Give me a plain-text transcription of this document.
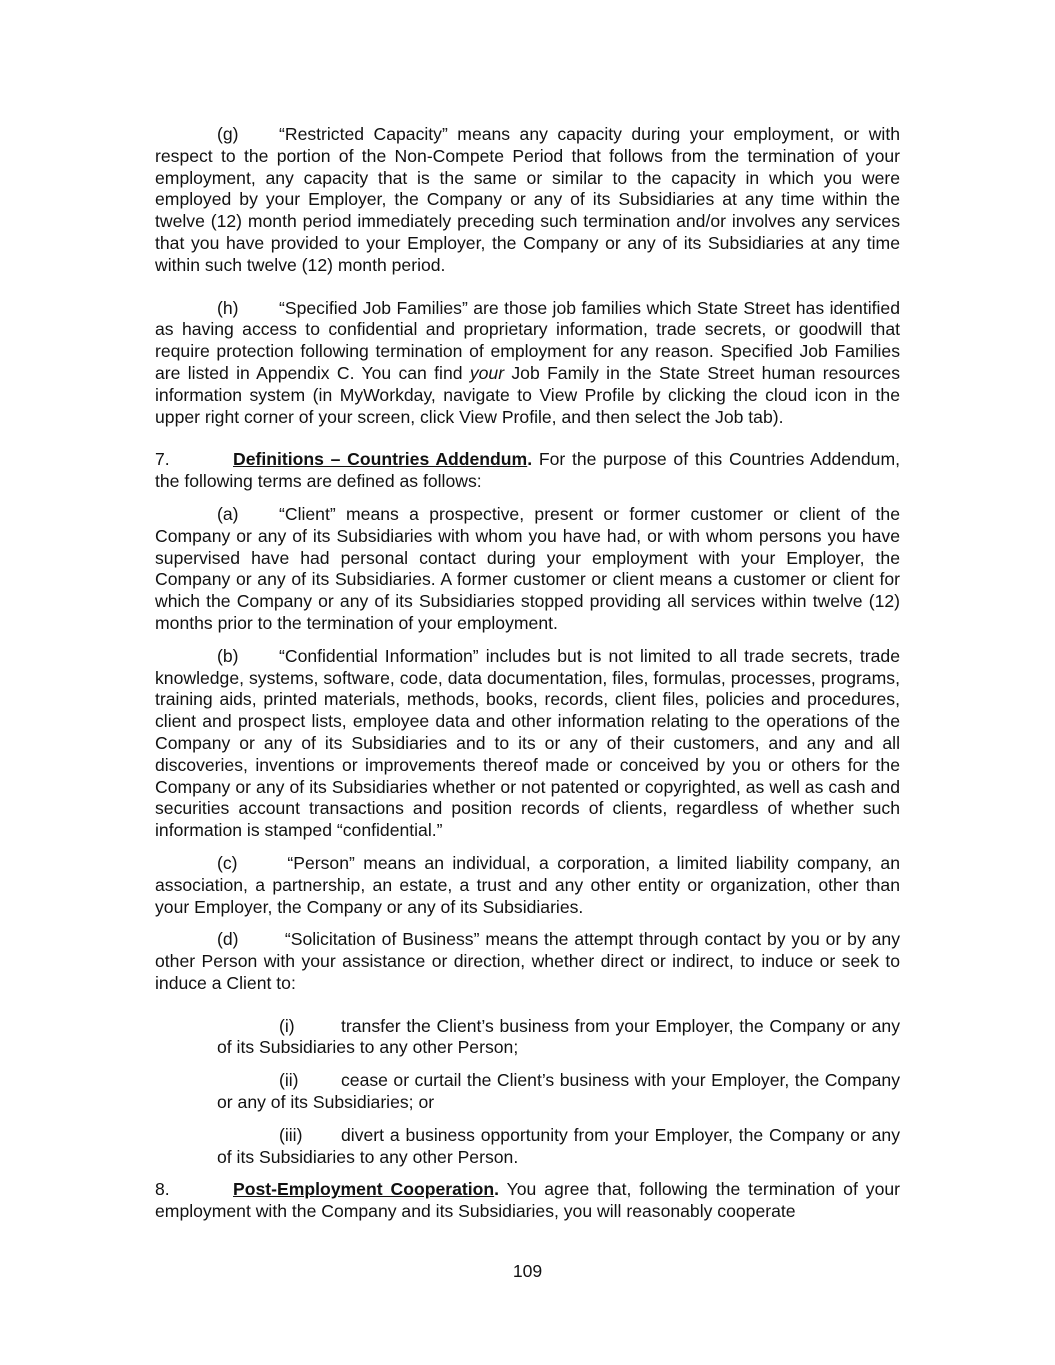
(g) “Restricted Capacity” means any capacity during your employment, or with respect to the portion of the Non-Compete Period that follows from the termination of your employment, any capacity that is the same or similar to the capacity in which you were employed by your Employer, the Company or any of its Subsidiaries at any time within the twelve (12) month period immediately preceding such termination and/or involves any services that you have provided to your Employer, the Company or any of its Subsidiaries at any time within such twelve (12) month period.

(h) “Specified Job Families” are those job families which State Street has identified as having access to confidential and proprietary information, trade secrets, or goodwill that require protection following termination of employment for any reason. Specified Job Families are listed in Appendix C. You can find your Job Family in the State Street human resources information system (in MyWorkday, navigate to View Profile by clicking the cloud icon in the upper right corner of your screen, click View Profile, and then select the Job tab).

7.	Definitions – Countries Addendum. For the purpose of this Countries Addendum, the following terms are defined as follows:

(a) “Client” means a prospective, present or former customer or client of the Company or any of its Subsidiaries with whom you have had, or with whom persons you have supervised have had personal contact during your employment with your Employer, the Company or any of its Subsidiaries. A former customer or client means a customer or client for which the Company or any of its Subsidiaries stopped providing all services within twelve (12) months prior to the termination of your employment.

(b) “Confidential Information” includes but is not limited to all trade secrets, trade knowledge, systems, software, code, data documentation, files, formulas, processes, programs, training aids, printed materials, methods, books, records, client files, policies and procedures, client and prospect lists, employee data and other information relating to the operations of the Company or any of its Subsidiaries and to its or any of their customers, and any and all discoveries, inventions or improvements thereof made or conceived by you or others for the Company or any of its Subsidiaries whether or not patented or copyrighted, as well as cash and securities account transactions and position records of clients, regardless of whether such information is stamped “confidential.”

(c) “Person” means an individual, a corporation, a limited liability company, an association, a partnership, an estate, a trust and any other entity or organization, other than your Employer, the Company or any of its Subsidiaries.

(d) “Solicitation of Business” means the attempt through contact by you or by any other Person with your assistance or direction, whether direct or indirect, to induce or seek to induce a Client to:

(i)	transfer the Client’s business from your Employer, the Company or any of its Subsidiaries to any other Person;

(ii) cease or curtail the Client’s business with your Employer, the Company or any of its Subsidiaries; or

(iii) divert a business opportunity from your Employer, the Company or any of its Subsidiaries to any other Person.

8.	Post-Employment Cooperation. You agree that, following the termination of your employment with the Company and its Subsidiaries, you will reasonably cooperate

109
